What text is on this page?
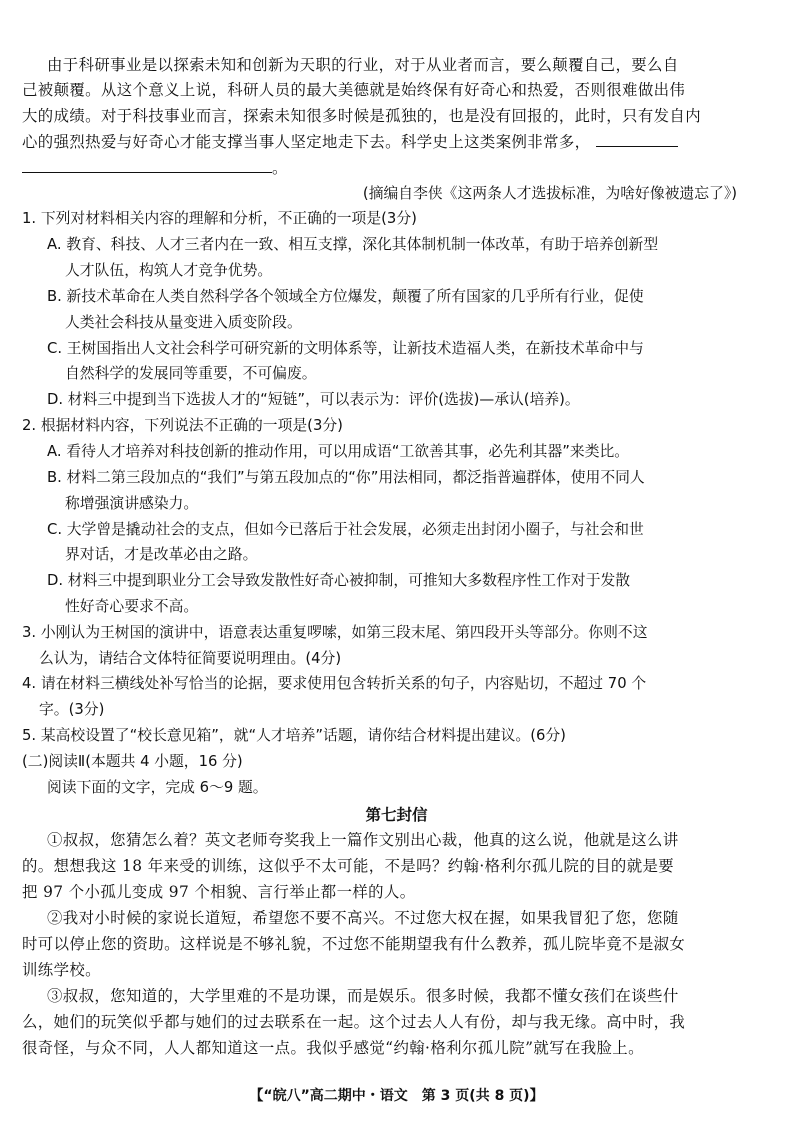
由于科研事业是以探索未知和创新为天职的行业，对于从业者而言，要么颠覆自己，要么自
己被颠覆。从这个意义上说，科研人员的最大美德就是始终保有好奇心和热爱，否则很难做出伟
大的成绩。对于科技事业而言，探索未知很多时候是孤独的，也是没有回报的，此时，只有发自内
心的强烈热爱与好奇心才能支撑当事人坚定地走下去。科学史上这类案例非常多，
。
(摘编自李侠《这两条人才选拔标准，为啥好像被遗忘了》)
1. 下列对材料相关内容的理解和分析，不正确的一项是(3分)
A. 教育、科技、人才三者内在一致、相互支撑，深化其体制机制一体改革，有助于培养创新型
人才队伍，构筑人才竞争优势。
B. 新技术革命在人类自然科学各个领域全方位爆发，颠覆了所有国家的几乎所有行业，促使
人类社会科技从量变进入质变阶段。
C. 王树国指出人文社会科学可研究新的文明体系等，让新技术造福人类，在新技术革命中与
自然科学的发展同等重要，不可偏废。
D. 材料三中提到当下选拔人才的“短链”，可以表示为：评价(选拔)—承认(培养)。
2. 根据材料内容，下列说法不正确的一项是(3分)
A. 看待人才培养对科技创新的推动作用，可以用成语“工欲善其事，必先利其器”来类比。
B. 材料二第三段加点的“我们”与第五段加点的“你”用法相同，都泛指普遍群体，使用不同人
称增强演讲感染力。
C. 大学曾是撬动社会的支点，但如今已落后于社会发展，必须走出封闭小圈子，与社会和世
界对话，才是改革必由之路。
D. 材料三中提到职业分工会导致发散性好奇心被抑制，可推知大多数程序性工作对于发散
性好奇心要求不高。
3. 小刚认为王树国的演讲中，语意表达重复啰嗦，如第三段末尾、第四段开头等部分。你则不这
么认为，请结合文体特征简要说明理由。(4分)
4. 请在材料三横线处补写恰当的论据，要求使用包含转折关系的句子，内容贴切，不超过 70 个
字。(3分)
5. 某高校设置了“校长意见箱”，就“人才培养”话题，请你结合材料提出建议。(6分)
(二)阅读Ⅱ(本题共 4 小题，16 分)
阅读下面的文字，完成 6～9 题。
第七封信
①叔叔，您猜怎么着？英文老师夸奖我上一篇作文别出心裁，他真的这么说，他就是这么讲
的。想想我这 18 年来受的训练，这似乎不太可能，不是吗？约翰·格利尔孤儿院的目的就是要
把 97 个小孤儿变成 97 个相貌、言行举止都一样的人。
②我对小时候的家说长道短，希望您不要不高兴。不过您大权在握，如果我冒犯了您，您随
时可以停止您的资助。这样说是不够礼貌，不过您不能期望我有什么教养，孤儿院毕竟不是淑女
训练学校。
③叔叔，您知道的，大学里难的不是功课，而是娱乐。很多时候，我都不懂女孩们在谈些什
么，她们的玩笑似乎都与她们的过去联系在一起。这个过去人人有份，却与我无缘。高中时，我
很奇怪，与众不同，人人都知道这一点。我似乎感觉“约翰·格利尔孤儿院”就写在我脸上。
【“皖八”高二期中・语文　第 3 页(共 8 页)】
